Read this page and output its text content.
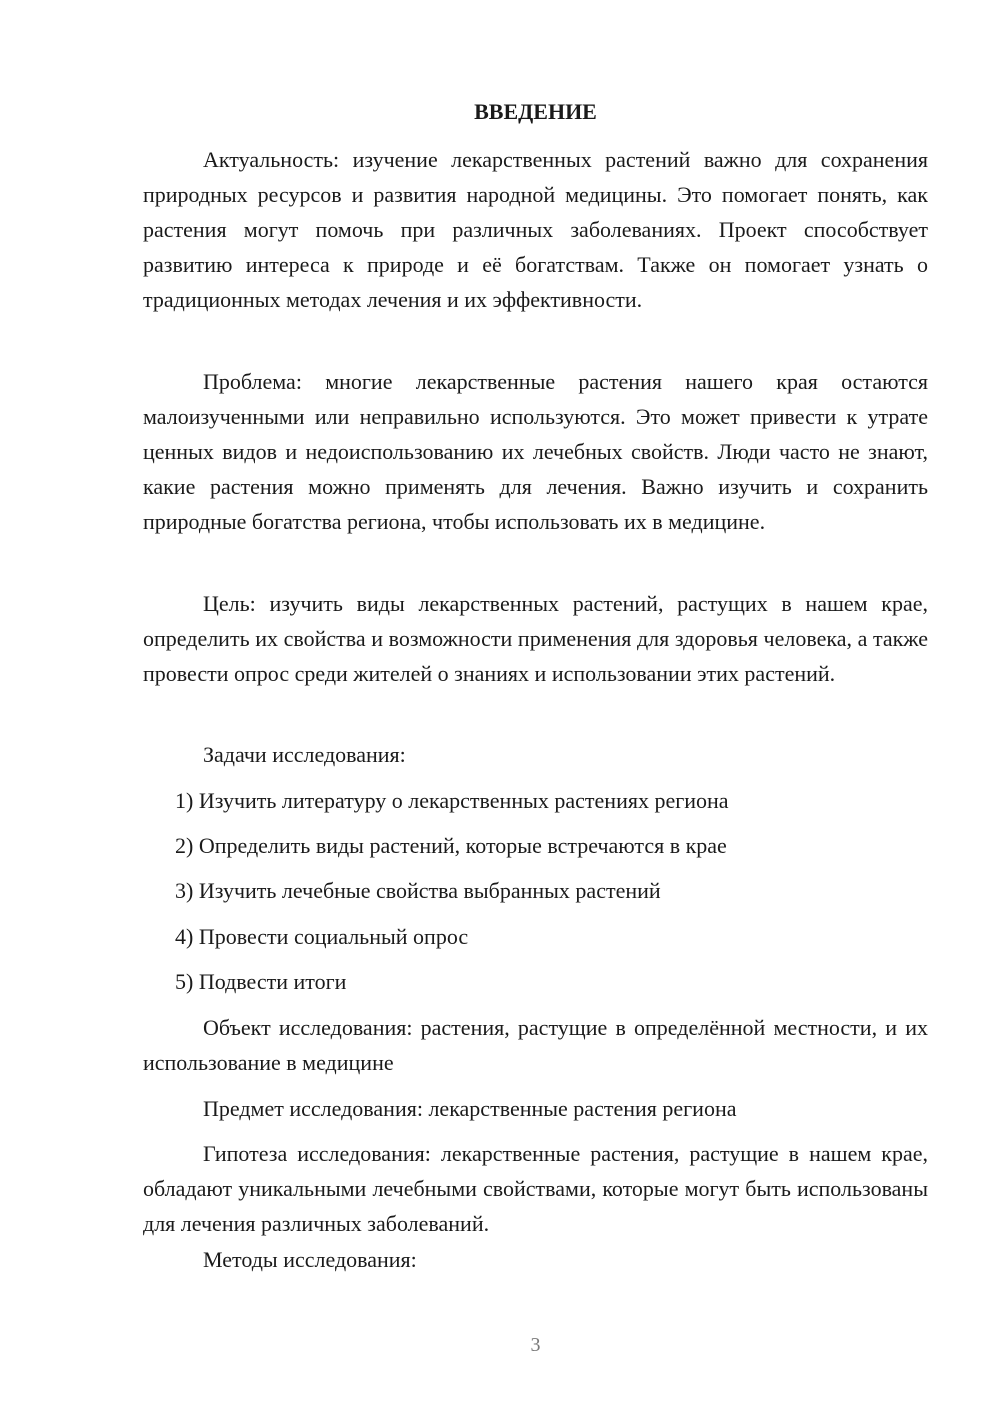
ВВЕДЕНИЕ

Актуальность: изучение лекарственных растений важно для сохранения природных ресурсов и развития народной медицины. Это помогает понять, как растения могут помочь при различных заболеваниях. Проект способствует развитию интереса к природе и её богатствам. Также он помогает узнать о традиционных методах лечения и их эффективности.

Проблема: многие лекарственные растения нашего края остаются малоизученными или неправильно используются. Это может привести к утрате ценных видов и недоиспользованию их лечебных свойств. Люди часто не знают, какие растения можно применять для лечения. Важно изучить и сохранить природные богатства региона, чтобы использовать их в медицине.

Цель: изучить виды лекарственных растений, растущих в нашем крае, определить их свойства и возможности применения для здоровья человека, а также провести опрос среди жителей о знаниях и использовании этих растений.

Задачи исследования:

1) Изучить литературу о лекарственных растениях региона

2) Определить виды растений, которые встречаются в крае

3) Изучить лечебные свойства выбранных растений

4) Провести социальный опрос

5) Подвести итоги

Объект исследования: растения, растущие в определённой местности, и их использование в медицине

Предмет исследования: лекарственные растения региона

Гипотеза исследования: лекарственные растения, растущие в нашем крае, обладают уникальными лечебными свойствами, которые могут быть использованы для лечения различных заболеваний.

Методы исследования:

3
